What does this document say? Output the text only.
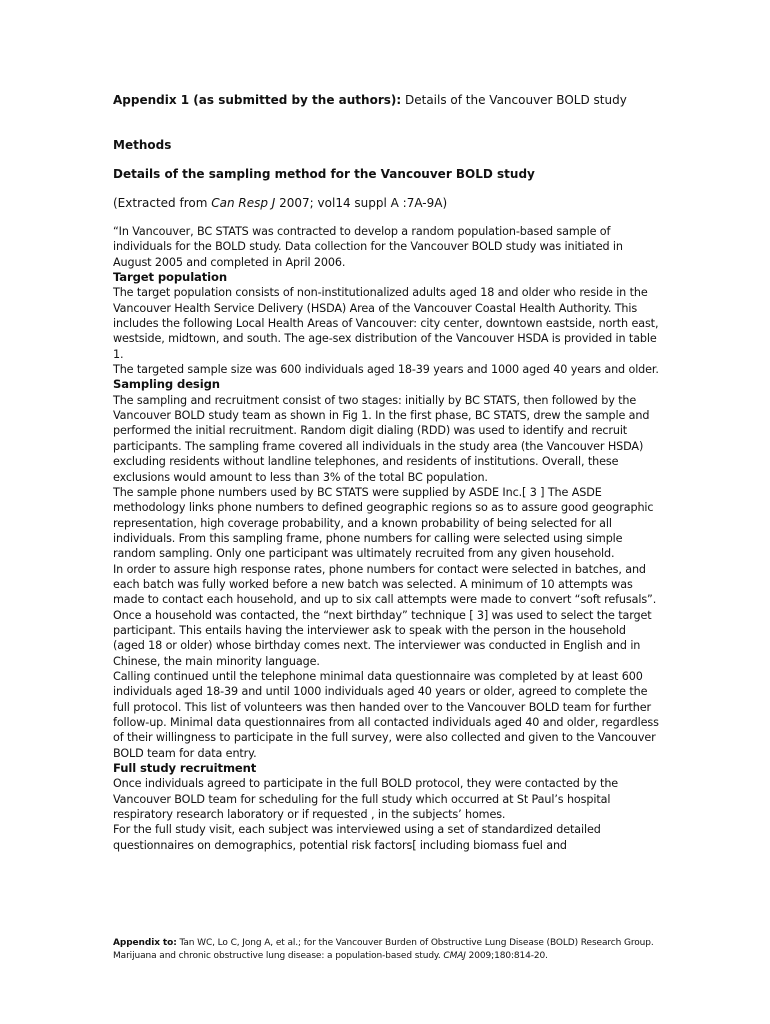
Appendix 1 (as submitted by the authors): Details of the Vancouver BOLD study
Methods
Details of the sampling method for the Vancouver BOLD study
(Extracted from Can Resp J 2007; vol14 suppl A :7A-9A)

“In Vancouver, BC STATS was contracted to develop a random population-based sample of individuals for the BOLD study. Data collection for the Vancouver BOLD study was initiated in August 2005 and completed in April 2006.

Target population

The target population consists of non-institutionalized adults aged 18 and older who reside in the Vancouver Health Service Delivery (HSDA) Area of the Vancouver Coastal Health Authority. This includes the following Local Health Areas of Vancouver: city center, downtown eastside, north east, westside, midtown, and south. The age-sex distribution of the Vancouver HSDA is provided in table 1.

The targeted sample size was 600 individuals aged 18-39 years and 1000 aged 40 years and older.

Sampling design

The sampling and recruitment consist of two stages: initially by BC STATS, then followed by the Vancouver BOLD study team as shown in Fig 1. In the first phase, BC STATS, drew the sample and performed the initial recruitment. Random digit dialing (RDD) was used to identify and recruit participants. The sampling frame covered all individuals in the study area (the Vancouver HSDA) excluding residents without landline telephones, and residents of institutions. Overall, these exclusions would amount to less than 3% of the total BC population.

The sample phone numbers used by BC STATS were supplied by ASDE Inc.[ 3 ] The ASDE methodology links phone numbers to defined geographic regions so as to assure good geographic representation, high coverage probability, and a known probability of being selected for all individuals. From this sampling frame, phone numbers for calling were selected using simple random sampling. Only one participant was ultimately recruited from any given household.

In order to assure high response rates, phone numbers for contact were selected in batches, and each batch was fully worked before a new batch was selected. A minimum of 10 attempts was made to contact each household, and up to six call attempts were made to convert “soft refusals”.

Once a household was contacted, the “next birthday” technique [ 3] was used to select the target participant. This entails having the interviewer ask to speak with the person in the household (aged 18 or older) whose birthday comes next. The interviewer was conducted in English and in Chinese, the main minority language.

Calling continued until the telephone minimal data questionnaire was completed by at least 600 individuals aged 18-39 and until 1000 individuals aged 40 years or older, agreed to complete the full protocol. This list of volunteers was then handed over to the Vancouver BOLD team for further follow-up. Minimal data questionnaires from all contacted individuals aged 40 and older, regardless of their willingness to participate in the full survey, were also collected and given to the Vancouver BOLD team for data entry.

Full study recruitment

Once individuals agreed to participate in the full BOLD protocol, they were contacted by the Vancouver BOLD team for scheduling for the full study which occurred at St Paul’s hospital respiratory research laboratory or if requested , in the subjects’ homes.

For the full study visit, each subject was interviewed using a set of standardized detailed questionnaires on demographics, potential risk factors[ including biomass fuel and

Appendix to: Tan WC, Lo C, Jong A, et al.; for the Vancouver Burden of Obstructive Lung Disease (BOLD) Research Group. Marijuana and chronic obstructive lung disease: a population-based study. CMAJ 2009;180:814-20.
